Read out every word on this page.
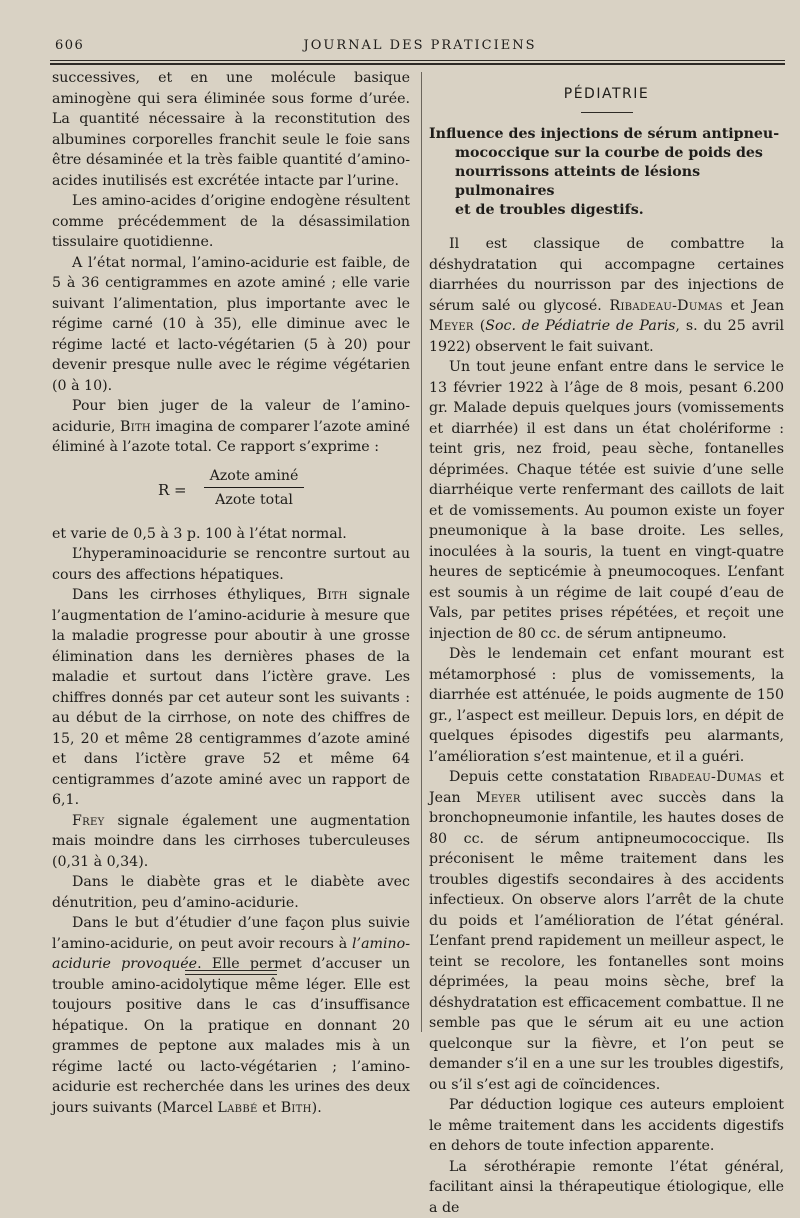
606	JOURNAL DES PRATICIENS

successives, et en une molécule basique aminogène qui sera éliminée sous forme d’urée. La quantité nécessaire à la reconstitution des albumines corporelles franchit seule le foie sans être désaminée et la très faible quantité d’amino-acides inutilisés est excrétée intacte par l’urine.

Les amino-acides d’origine endogène résultent comme précédemment de la désassimilation tissulaire quotidienne.

A l’état normal, l’amino-acidurie est faible, de 5 à 36 centigrammes en azote aminé ; elle varie suivant l’alimentation, plus importante avec le régime carné (10 à 35), elle diminue avec le régime lacté et lacto-végétarien (5 à 20) pour devenir presque nulle avec le régime végétarien (0 à 10).

Pour bien juger de la valeur de l’amino-acidurie, Bith imagina de comparer l’azote aminé éliminé à l’azote total. Ce rapport s’exprime :

R =
Azote aminé
Azote total

et varie de 0,5 à 3 p. 100 à l’état normal.

L’hyperaminoacidurie se rencontre surtout au cours des affections hépatiques.

Dans les cirrhoses éthyliques, Bith signale l’augmentation de l’amino-acidurie à mesure que la maladie progresse pour aboutir à une grosse élimination dans les dernières phases de la maladie et surtout dans l’ictère grave. Les chiffres donnés par cet auteur sont les suivants : au début de la cirrhose, on note des chiffres de 15, 20 et même 28 centigrammes d’azote aminé et dans l’ictère grave 52 et même 64 centigrammes d’azote aminé avec un rapport de 6,1.

Frey signale également une augmentation mais moindre dans les cirrhoses tuberculeuses (0,31 à 0,34).

Dans le diabète gras et le diabète avec dénutrition, peu d’amino-acidurie.

Dans le but d’étudier d’une façon plus suivie l’amino-acidurie, on peut avoir recours à l’amino-acidurie provoquée. Elle permet d’accuser un trouble amino-acidolytique même léger. Elle est toujours positive dans le cas d’insuffisance hépatique. On la pratique en donnant 20 grammes de peptone aux malades mis à un régime lacté ou lacto-végétarien ; l’amino-acidurie est recherchée dans les urines des deux jours suivants (Marcel Labbé et Bith).

PÉDIATRIE
Influence des injections de sérum antipneu-
mococcique sur la courbe de poids des
nourrissons atteints de lésions pulmonaires
et de troubles digestifs.

Il est classique de combattre la déshydratation qui accompagne certaines diarrhées du nourrisson par des injections de sérum salé ou glycosé. Ribadeau-Dumas et Jean Meyer (Soc. de Pédiatrie de Paris, s. du 25 avril 1922) observent le fait suivant.

Un tout jeune enfant entre dans le service le 13 février 1922 à l’âge de 8 mois, pesant 6.200 gr. Malade depuis quelques jours (vomissements et diarrhée) il est dans un état cholériforme : teint gris, nez froid, peau sèche, fontanelles déprimées. Chaque tétée est suivie d’une selle diarrhéique verte renfermant des caillots de lait et de vomissements. Au poumon existe un foyer pneumonique à la base droite. Les selles, inoculées à la souris, la tuent en vingt-quatre heures de septicémie à pneumocoques. L’enfant est soumis à un régime de lait coupé d’eau de Vals, par petites prises répétées, et reçoit une injection de 80 cc. de sérum antipneumo.

Dès le lendemain cet enfant mourant est métamorphosé : plus de vomissements, la diarrhée est atténuée, le poids augmente de 150 gr., l’aspect est meilleur. Depuis lors, en dépit de quelques épisodes digestifs peu alarmants, l’amélioration s’est maintenue, et il a guéri.

Depuis cette constatation Ribadeau-Dumas et Jean Meyer utilisent avec succès dans la bronchopneumonie infantile, les hautes doses de 80 cc. de sérum antipneumococcique. Ils préconisent le même traitement dans les troubles digestifs secondaires à des accidents infectieux. On observe alors l’arrêt de la chute du poids et l’amélioration de l’état général. L’enfant prend rapidement un meilleur aspect, le teint se recolore, les fontanelles sont moins déprimées, la peau moins sèche, bref la déshydratation est efficacement combattue. Il ne semble pas que le sérum ait eu une action quelconque sur la fièvre, et l’on peut se demander s’il en a une sur les troubles digestifs, ou s’il s’est agi de coïncidences.

Par déduction logique ces auteurs emploient le même traitement dans les accidents digestifs en dehors de toute infection apparente.

La sérothérapie remonte l’état général, facilitant ainsi la thérapeutique étiologique, elle a de
